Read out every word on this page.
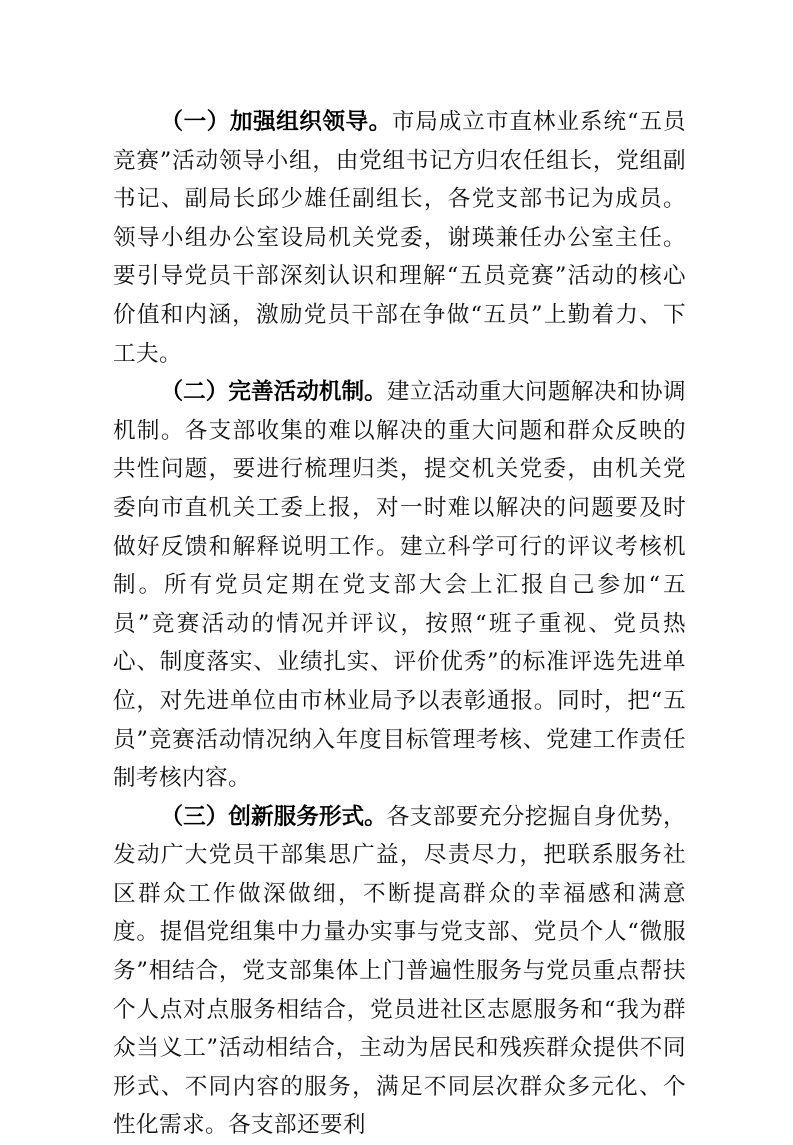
（一）加强组织领导。市局成立市直林业系统“五员竞赛”活动领导小组，由党组书记方归农任组长，党组副书记、副局长邱少雄任副组长，各党支部书记为成员。领导小组办公室设局机关党委，谢瑛兼任办公室主任。要引导党员干部深刻认识和理解“五员竞赛”活动的核心价值和内涵，激励党员干部在争做“五员”上勤着力、下工夫。

（二）完善活动机制。建立活动重大问题解决和协调机制。各支部收集的难以解决的重大问题和群众反映的共性问题，要进行梳理归类，提交机关党委，由机关党委向市直机关工委上报，对一时难以解决的问题要及时做好反馈和解释说明工作。建立科学可行的评议考核机制。所有党员定期在党支部大会上汇报自己参加“五员”竞赛活动的情况并评议，按照“班子重视、党员热心、制度落实、业绩扎实、评价优秀”的标准评选先进单位，对先进单位由市林业局予以表彰通报。同时，把“五员”竞赛活动情况纳入年度目标管理考核、党建工作责任制考核内容。

（三）创新服务形式。各支部要充分挖掘自身优势，发动广大党员干部集思广益，尽责尽力，把联系服务社区群众工作做深做细，不断提高群众的幸福感和满意度。提倡党组集中力量办实事与党支部、党员个人“微服务”相结合，党支部集体上门普遍性服务与党员重点帮扶个人点对点服务相结合，党员进社区志愿服务和“我为群众当义工”活动相结合，主动为居民和残疾群众提供不同形式、不同内容的服务，满足不同层次群众多元化、个性化需求。各支部还要利
